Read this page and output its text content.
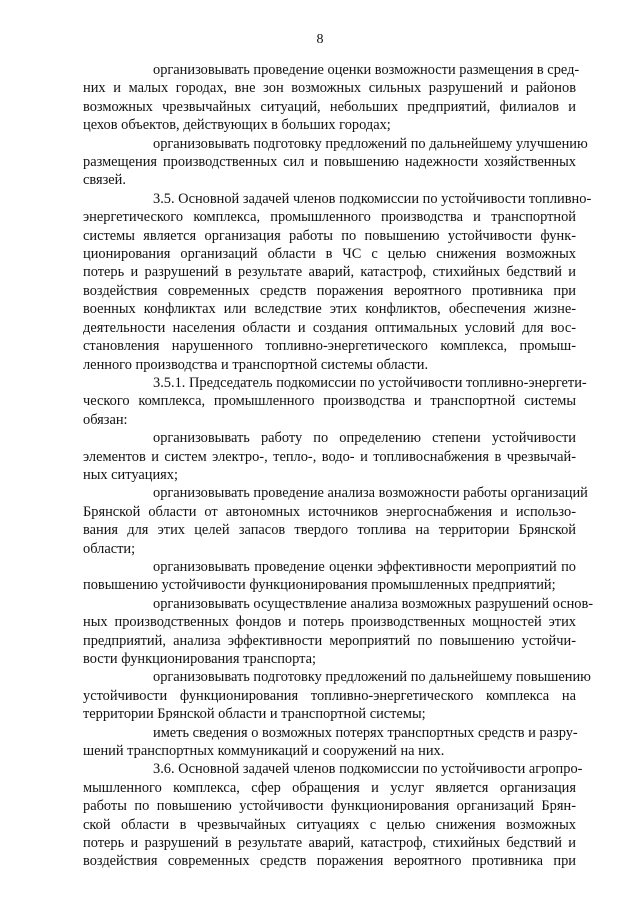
8
организовывать проведение оценки возможности размещения в сред-
них и малых городах, вне зон возможных сильных разрушений и районов
возможных чрезвычайных ситуаций, небольших предприятий, филиалов и
цехов объектов, действующих в больших городах;
организовывать подготовку предложений по дальнейшему улучшению
размещения производственных сил и повышению надежности хозяйственных
связей.
3.5. Основной задачей членов подкомиссии по устойчивости топливно-
энергетического комплекса, промышленного производства и транспортной
системы является организация работы по повышению устойчивости функ-
ционирования организаций области в ЧС с целью снижения возможных
потерь и разрушений в результате аварий, катастроф, стихийных бедствий и
воздействия современных средств поражения вероятного противника при
военных конфликтах или вследствие этих конфликтов, обеспечения жизне-
деятельности населения области и создания оптимальных условий для вос-
становления нарушенного топливно-энергетического комплекса, промыш-
ленного производства и транспортной системы области.
3.5.1. Председатель подкомиссии по устойчивости топливно-энергети-
ческого комплекса, промышленного производства и транспортной системы
обязан:
организовывать работу по определению степени устойчивости
элементов и систем электро-, тепло-, водо- и топливоснабжения в чрезвычай-
ных ситуациях;
организовывать проведение анализа возможности работы организаций
Брянской области от автономных источников энергоснабжения и использо-
вания для этих целей запасов твердого топлива на территории Брянской
области;
организовывать проведение оценки эффективности мероприятий по
повышению устойчивости функционирования промышленных предприятий;
организовывать осуществление анализа возможных разрушений основ-
ных производственных фондов и потерь производственных мощностей этих
предприятий, анализа эффективности мероприятий по повышению устойчи-
вости функционирования транспорта;
организовывать подготовку предложений по дальнейшему повышению
устойчивости функционирования топливно-энергетического комплекса на
территории Брянской области и транспортной системы;
иметь сведения о возможных потерях транспортных средств и разру-
шений транспортных коммуникаций и сооружений на них.
3.6. Основной задачей членов подкомиссии по устойчивости агропро-
мышленного комплекса, сфер обращения и услуг является организация
работы по повышению устойчивости функционирования организаций Брян-
ской области в чрезвычайных ситуациях с целью снижения возможных
потерь и разрушений в результате аварий, катастроф, стихийных бедствий и
воздействия современных средств поражения вероятного противника при
